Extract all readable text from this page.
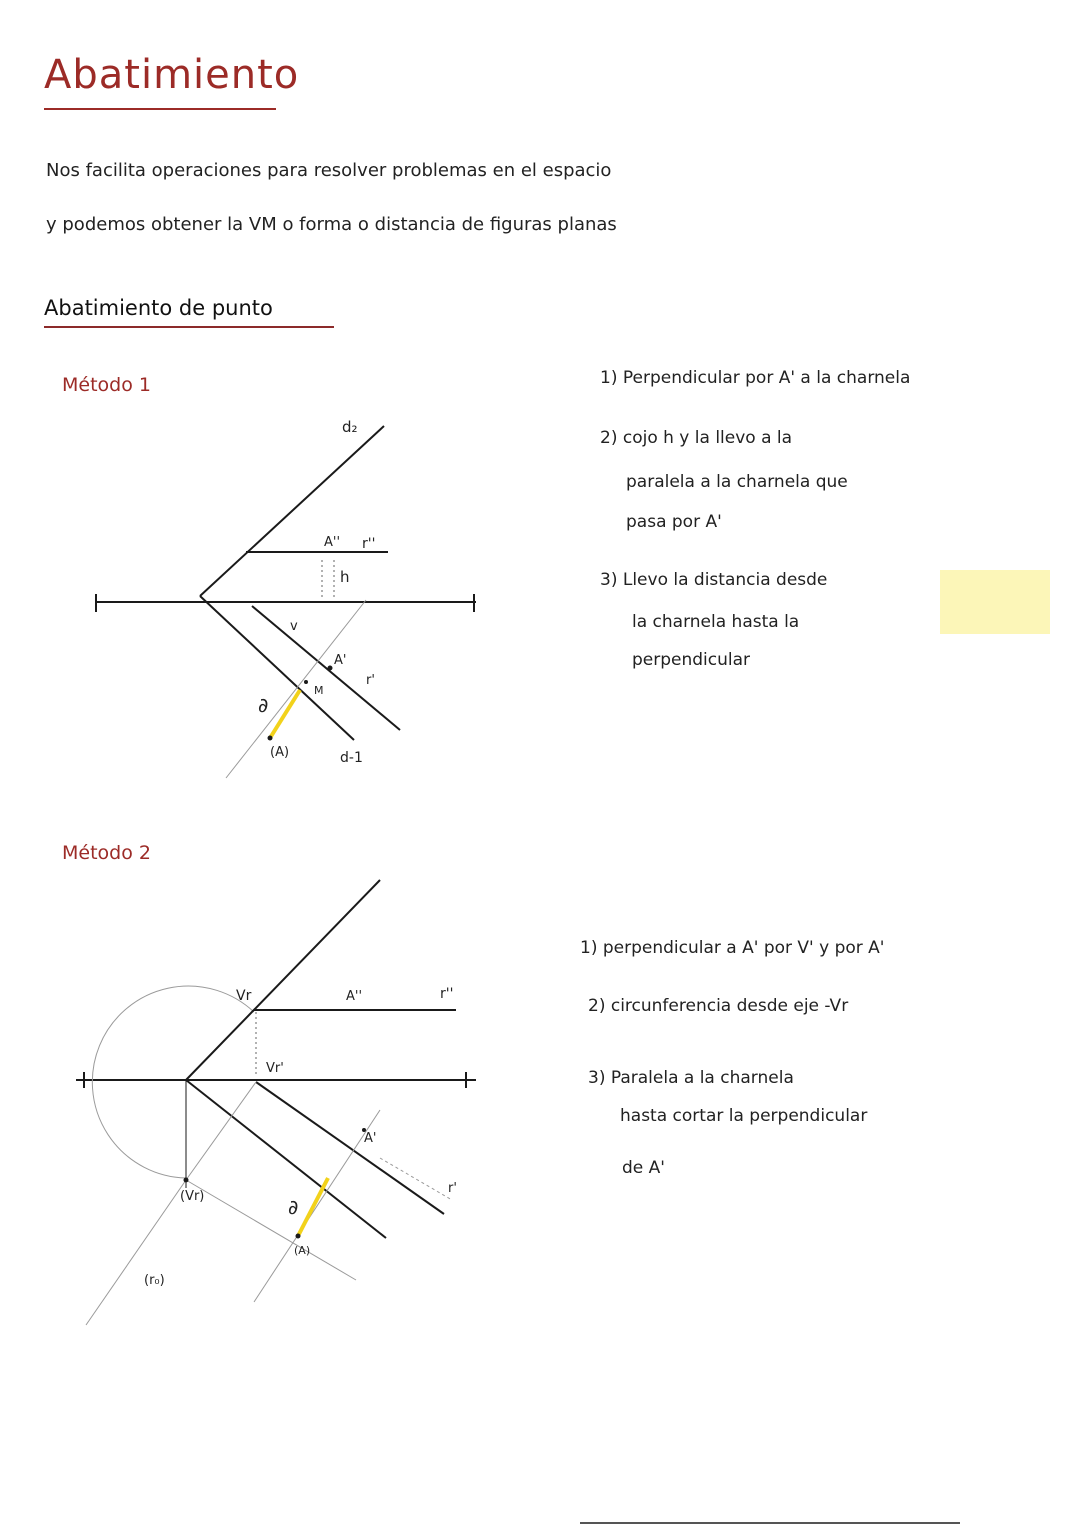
Abatimiento
Nos facilita operaciones para resolver problemas en el espacio
y podemos obtener la VM o forma o distancia de figuras planas
Abatimiento de punto
Método 1	1) Perpendicular por A' a la charnela
2) cojo h y la llevo a la
paralela a la charnela que
pasa por A'
3) Llevo la distancia desde
la charnela hasta la
perpendicular
Método 2
1) perpendicular a A' por V' y por A'
2) circunferencia desde eje -Vr
3) Paralela a la charnela
hasta cortar la perpendicular
de A'
d₂
A'' r''
h
v
A'
r'
M
∂
(A)	d-1
Vr	A''	r''
Vr'
A'
r'
(Vr)	∂
(A)
(r₀)
